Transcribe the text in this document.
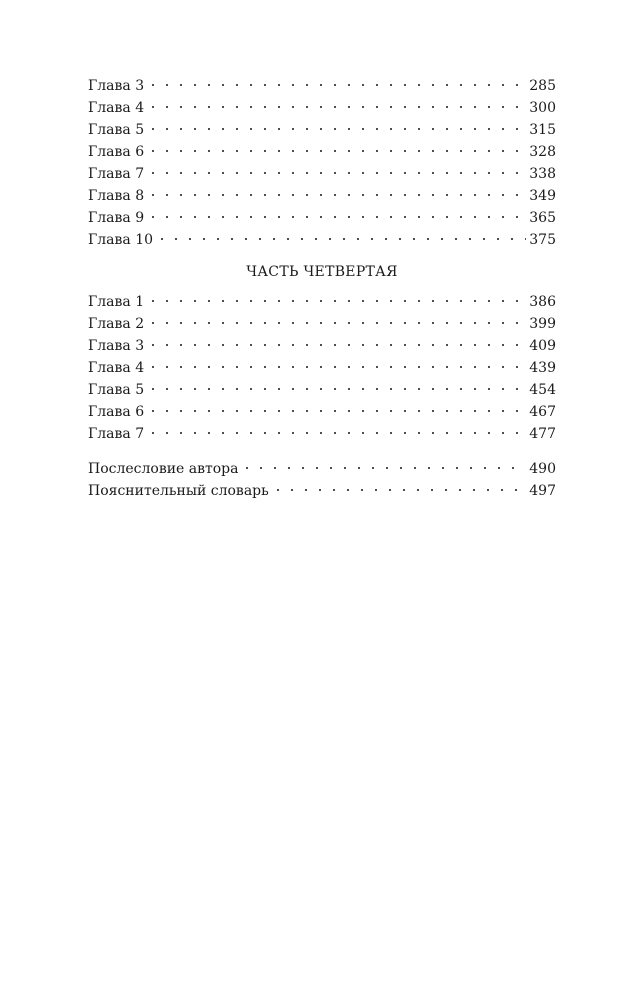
Глава 3	285
Глава 4	300
Глава 5	315
Глава 6	328
Глава 7	338
Глава 8	349
Глава 9	365
Глава 10	375
ЧАСТЬ ЧЕТВЕРТАЯ
Глава 1	386
Глава 2	399
Глава 3	409
Глава 4	439
Глава 5	454
Глава 6	467
Глава 7	477
Послесловие автора	490
Пояснительный словарь	497
